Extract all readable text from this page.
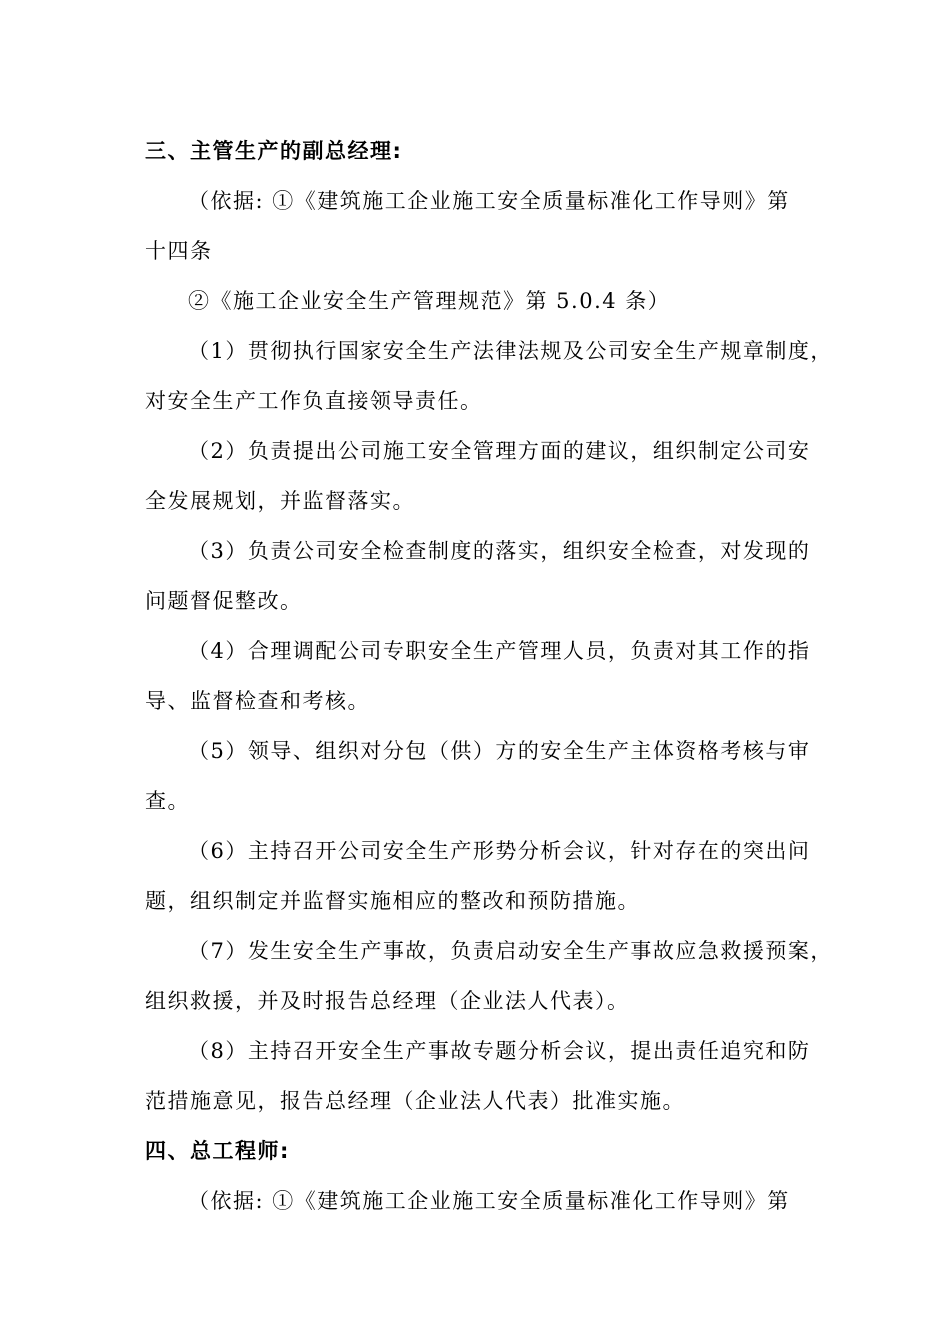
三、主管生产的副总经理:
（依据: ①《建筑施工企业施工安全质量标准化工作导则》第
十四条
②《施工企业安全生产管理规范》第 5.0.4 条）
（1）贯彻执行国家安全生产法律法规及公司安全生产规章制度，
对安全生产工作负直接领导责任。
（2）负责提出公司施工安全管理方面的建议，组织制定公司安
全发展规划，并监督落实。
（3）负责公司安全检查制度的落实，组织安全检查，对发现的
问题督促整改。
（4）合理调配公司专职安全生产管理人员，负责对其工作的指
导、监督检查和考核。
（5）领导、组织对分包（供）方的安全生产主体资格考核与审
查。
（6）主持召开公司安全生产形势分析会议，针对存在的突出问
题，组织制定并监督实施相应的整改和预防措施。
（7）发生安全生产事故，负责启动安全生产事故应急救援预案，
组织救援，并及时报告总经理（企业法人代表）。
（8）主持召开安全生产事故专题分析会议，提出责任追究和防
范措施意见，报告总经理（企业法人代表）批准实施。
四、总工程师:
（依据: ①《建筑施工企业施工安全质量标准化工作导则》第
